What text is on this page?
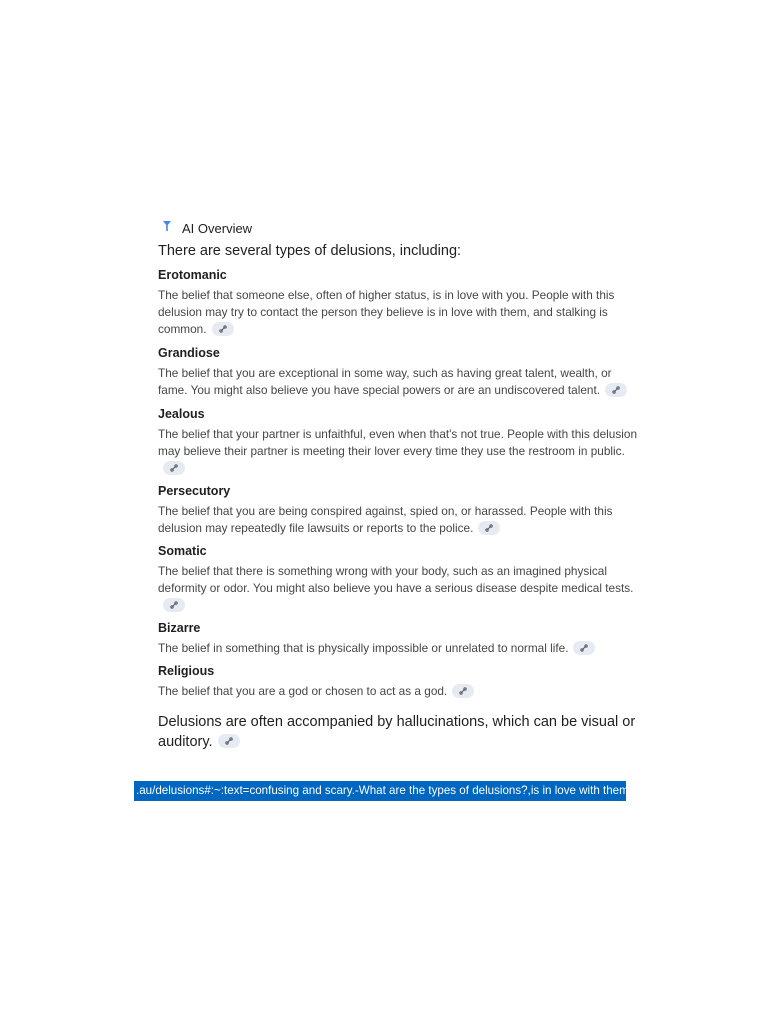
AI Overview

There are several types of delusions, including:

Erotomanic

The belief that someone else, often of higher status, is in love with you. People with this delusion may try to contact the person they believe is in love with them, and stalking is common.

Grandiose

The belief that you are exceptional in some way, such as having great talent, wealth, or fame. You might also believe you have special powers or are an undiscovered talent.

Jealous

The belief that your partner is unfaithful, even when that's not true. People with this delusion may believe their partner is meeting their lover every time they use the restroom in public.

Persecutory

The belief that you are being conspired against, spied on, or harassed. People with this delusion may repeatedly file lawsuits or reports to the police.

Somatic

The belief that there is something wrong with your body, such as an imagined physical deformity or odor. You might also believe you have a serious disease despite medical tests.

Bizarre

The belief in something that is physically impossible or unrelated to normal life.

Religious

The belief that you are a god or chosen to act as a god.

Delusions are often accompanied by hallucinations, which can be visual or auditory.

.au/delusions#:~:text=confusing and scary.-What are the types of delusions?,is in love with them.
